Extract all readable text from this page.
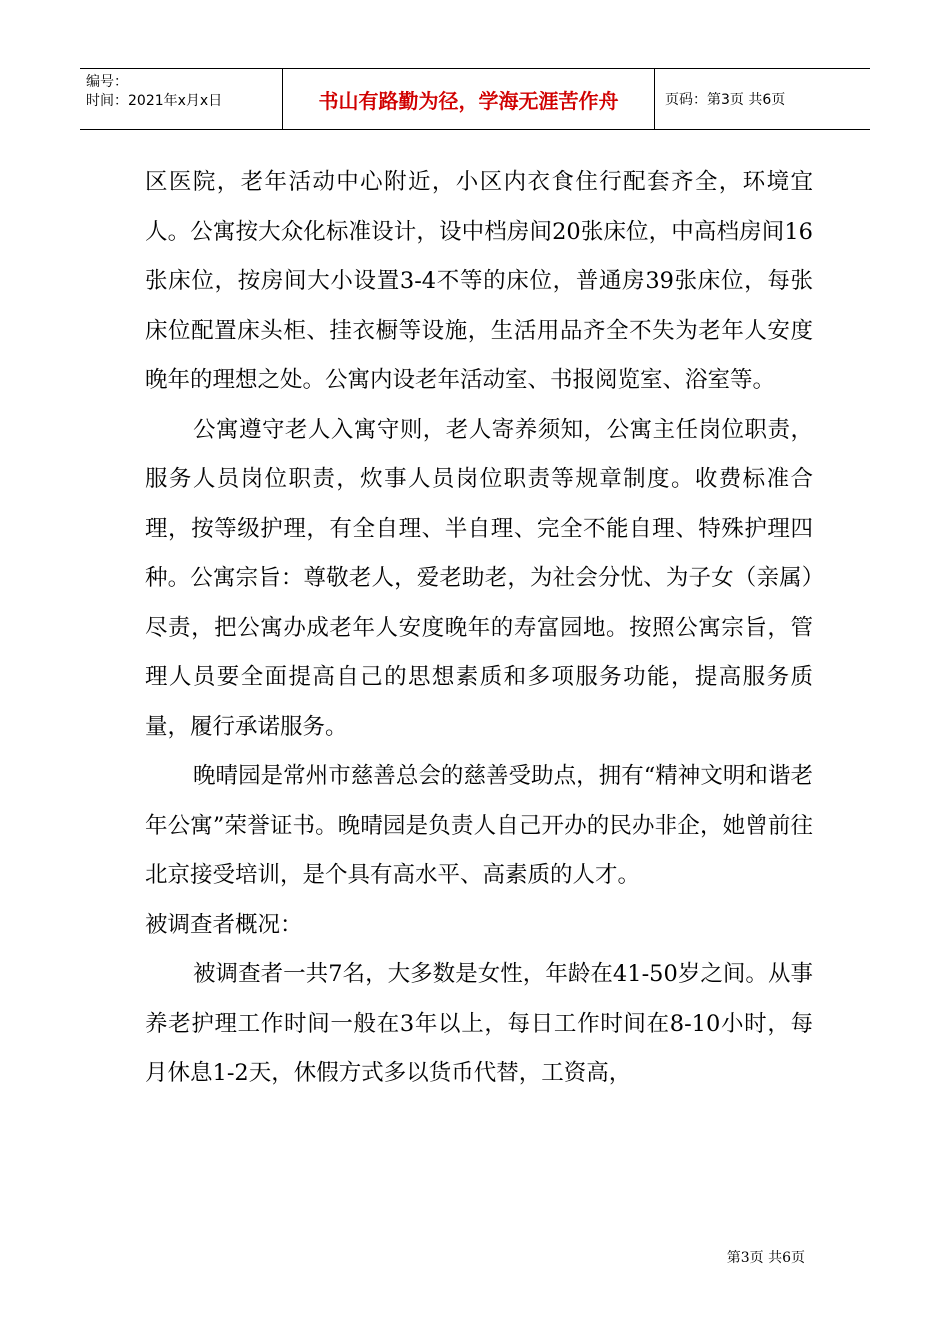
编号：
时间：2021年x月x日	书山有路勤为径，学海无涯苦作舟	页码：第3页 共6页

区医院，老年活动中心附近，小区内衣食住行配套齐全，环境宜人。公寓按大众化标准设计，设中档房间20张床位，中高档房间16张床位，按房间大小设置3-4不等的床位，普通房39张床位，每张床位配置床头柜、挂衣橱等设施，生活用品齐全不失为老年人安度晚年的理想之处。公寓内设老年活动室、书报阅览室、浴室等。

公寓遵守老人入寓守则，老人寄养须知，公寓主任岗位职责，服务人员岗位职责，炊事人员岗位职责等规章制度。收费标准合理，按等级护理，有全自理、半自理、完全不能自理、特殊护理四种。公寓宗旨：尊敬老人，爱老助老，为社会分忧、为子女（亲属）尽责，把公寓办成老年人安度晚年的寿富园地。按照公寓宗旨，管理人员要全面提高自己的思想素质和多项服务功能，提高服务质量，履行承诺服务。

晚晴园是常州市慈善总会的慈善受助点，拥有“精神文明和谐老年公寓”荣誉证书。晚晴园是负责人自己开办的民办非企，她曾前往北京接受培训，是个具有高水平、高素质的人才。

被调查者概况：

被调查者一共7名，大多数是女性，年龄在41-50岁之间。从事养老护理工作时间一般在3年以上，每日工作时间在8-10小时，每月休息1-2天，休假方式多以货币代替，工资高，

第3页 共6页
